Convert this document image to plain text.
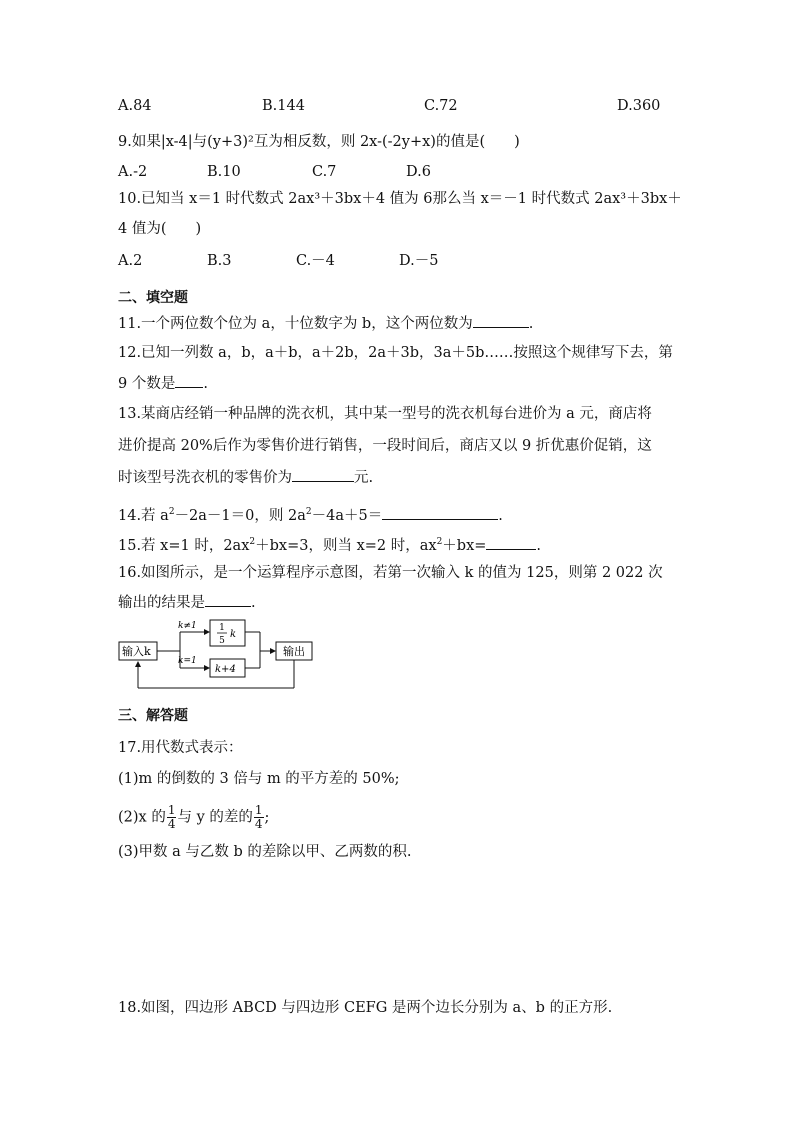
A.84	B.144	C.72	D.360
9.如果|x-4|与(y+3)²互为相反数，则 2x-(-2y+x)的值是(　　)
A.-2	B.10	C.7	D.6
10.已知当 x＝1 时代数式 2ax³＋3bx＋4 值为 6那么当 x＝－1 时代数式 2ax³＋3bx＋
4 值为(　　)
A.2	B.3	C.－4	D.－5
二、填空题
11.一个两位数个位为 a，十位数字为 b，这个两位数为	.
12.已知一列数 a，b，a＋b，a＋2b，2a＋3b，3a＋5b……按照这个规律写下去，第
9 个数是 .
13.某商店经销一种品牌的洗衣机，其中某一型号的洗衣机每台进价为 a 元，商店将
进价提高 20%后作为零售价进行销售，一段时间后，商店又以 9 折优惠价促销，这
时该型号洗衣机的零售价为	元.
14.若 $a^2-2a-1=0$，则 $2a^2-4a+5=$	.
15.若 x=1 时，$2ax^2+bx=3$，则当 x=2 时，$ax^2+bx=$	.
16.如图所示，是一个运算程序示意图，若第一次输入 k 的值为 125，则第 2 022 次
输出的结果是	.
输入k
k≠1
k=1
1
5
k
k+4
输出
三、解答题
17.用代数式表示：
(1)m 的倒数的 3 倍与 m 的平方差的 50%;
(2)x 的 $\frac{1}{4}$ 与 y 的差的 $\frac{1}{4}$ ;
(3)甲数 a 与乙数 b 的差除以甲、乙两数的积.
18.如图，四边形 ABCD 与四边形 CEFG 是两个边长分别为 a、b 的正方形.
